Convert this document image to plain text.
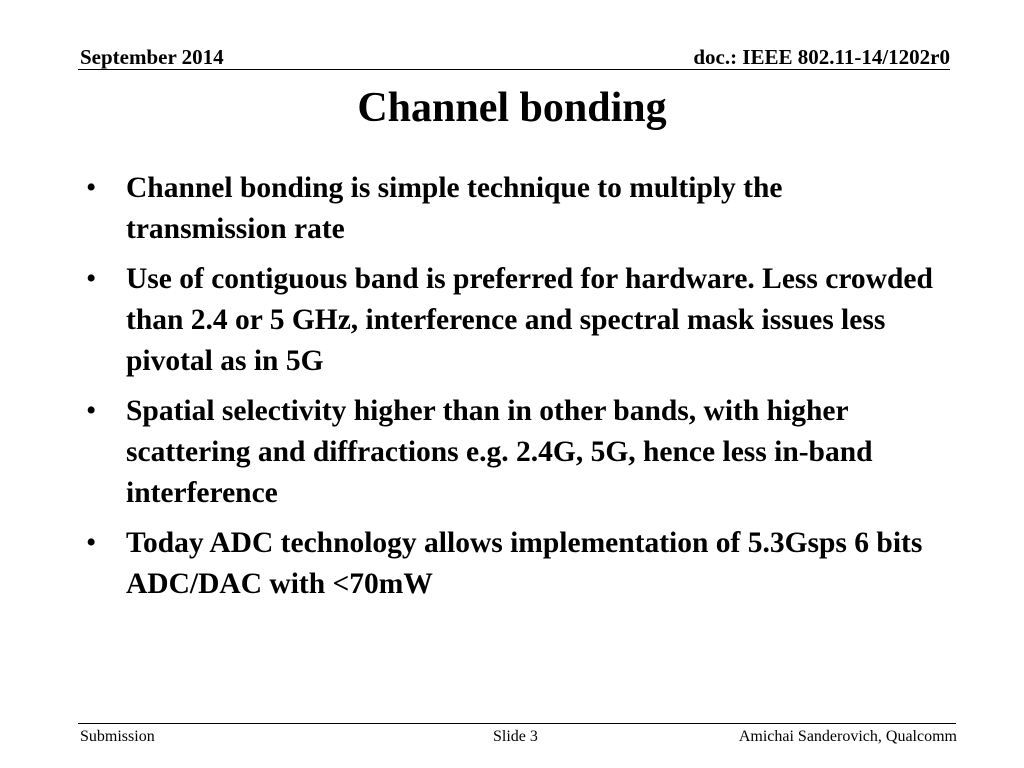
September 2014	doc.: IEEE 802.11-14/1202r0
Channel bonding
• Channel bonding is simple technique to multiply the transmission rate
• Use of contiguous band is preferred for hardware. Less crowded than 2.4 or 5 GHz, interference and spectral mask issues less pivotal as in 5G
• Spatial selectivity higher than in other bands, with higher scattering and diffractions e.g. 2.4G, 5G, hence less in-band interference
• Today ADC technology allows implementation of 5.3Gsps 6 bits ADC/DAC with <70mW
Submission	Slide 3	Amichai Sanderovich, Qualcomm
